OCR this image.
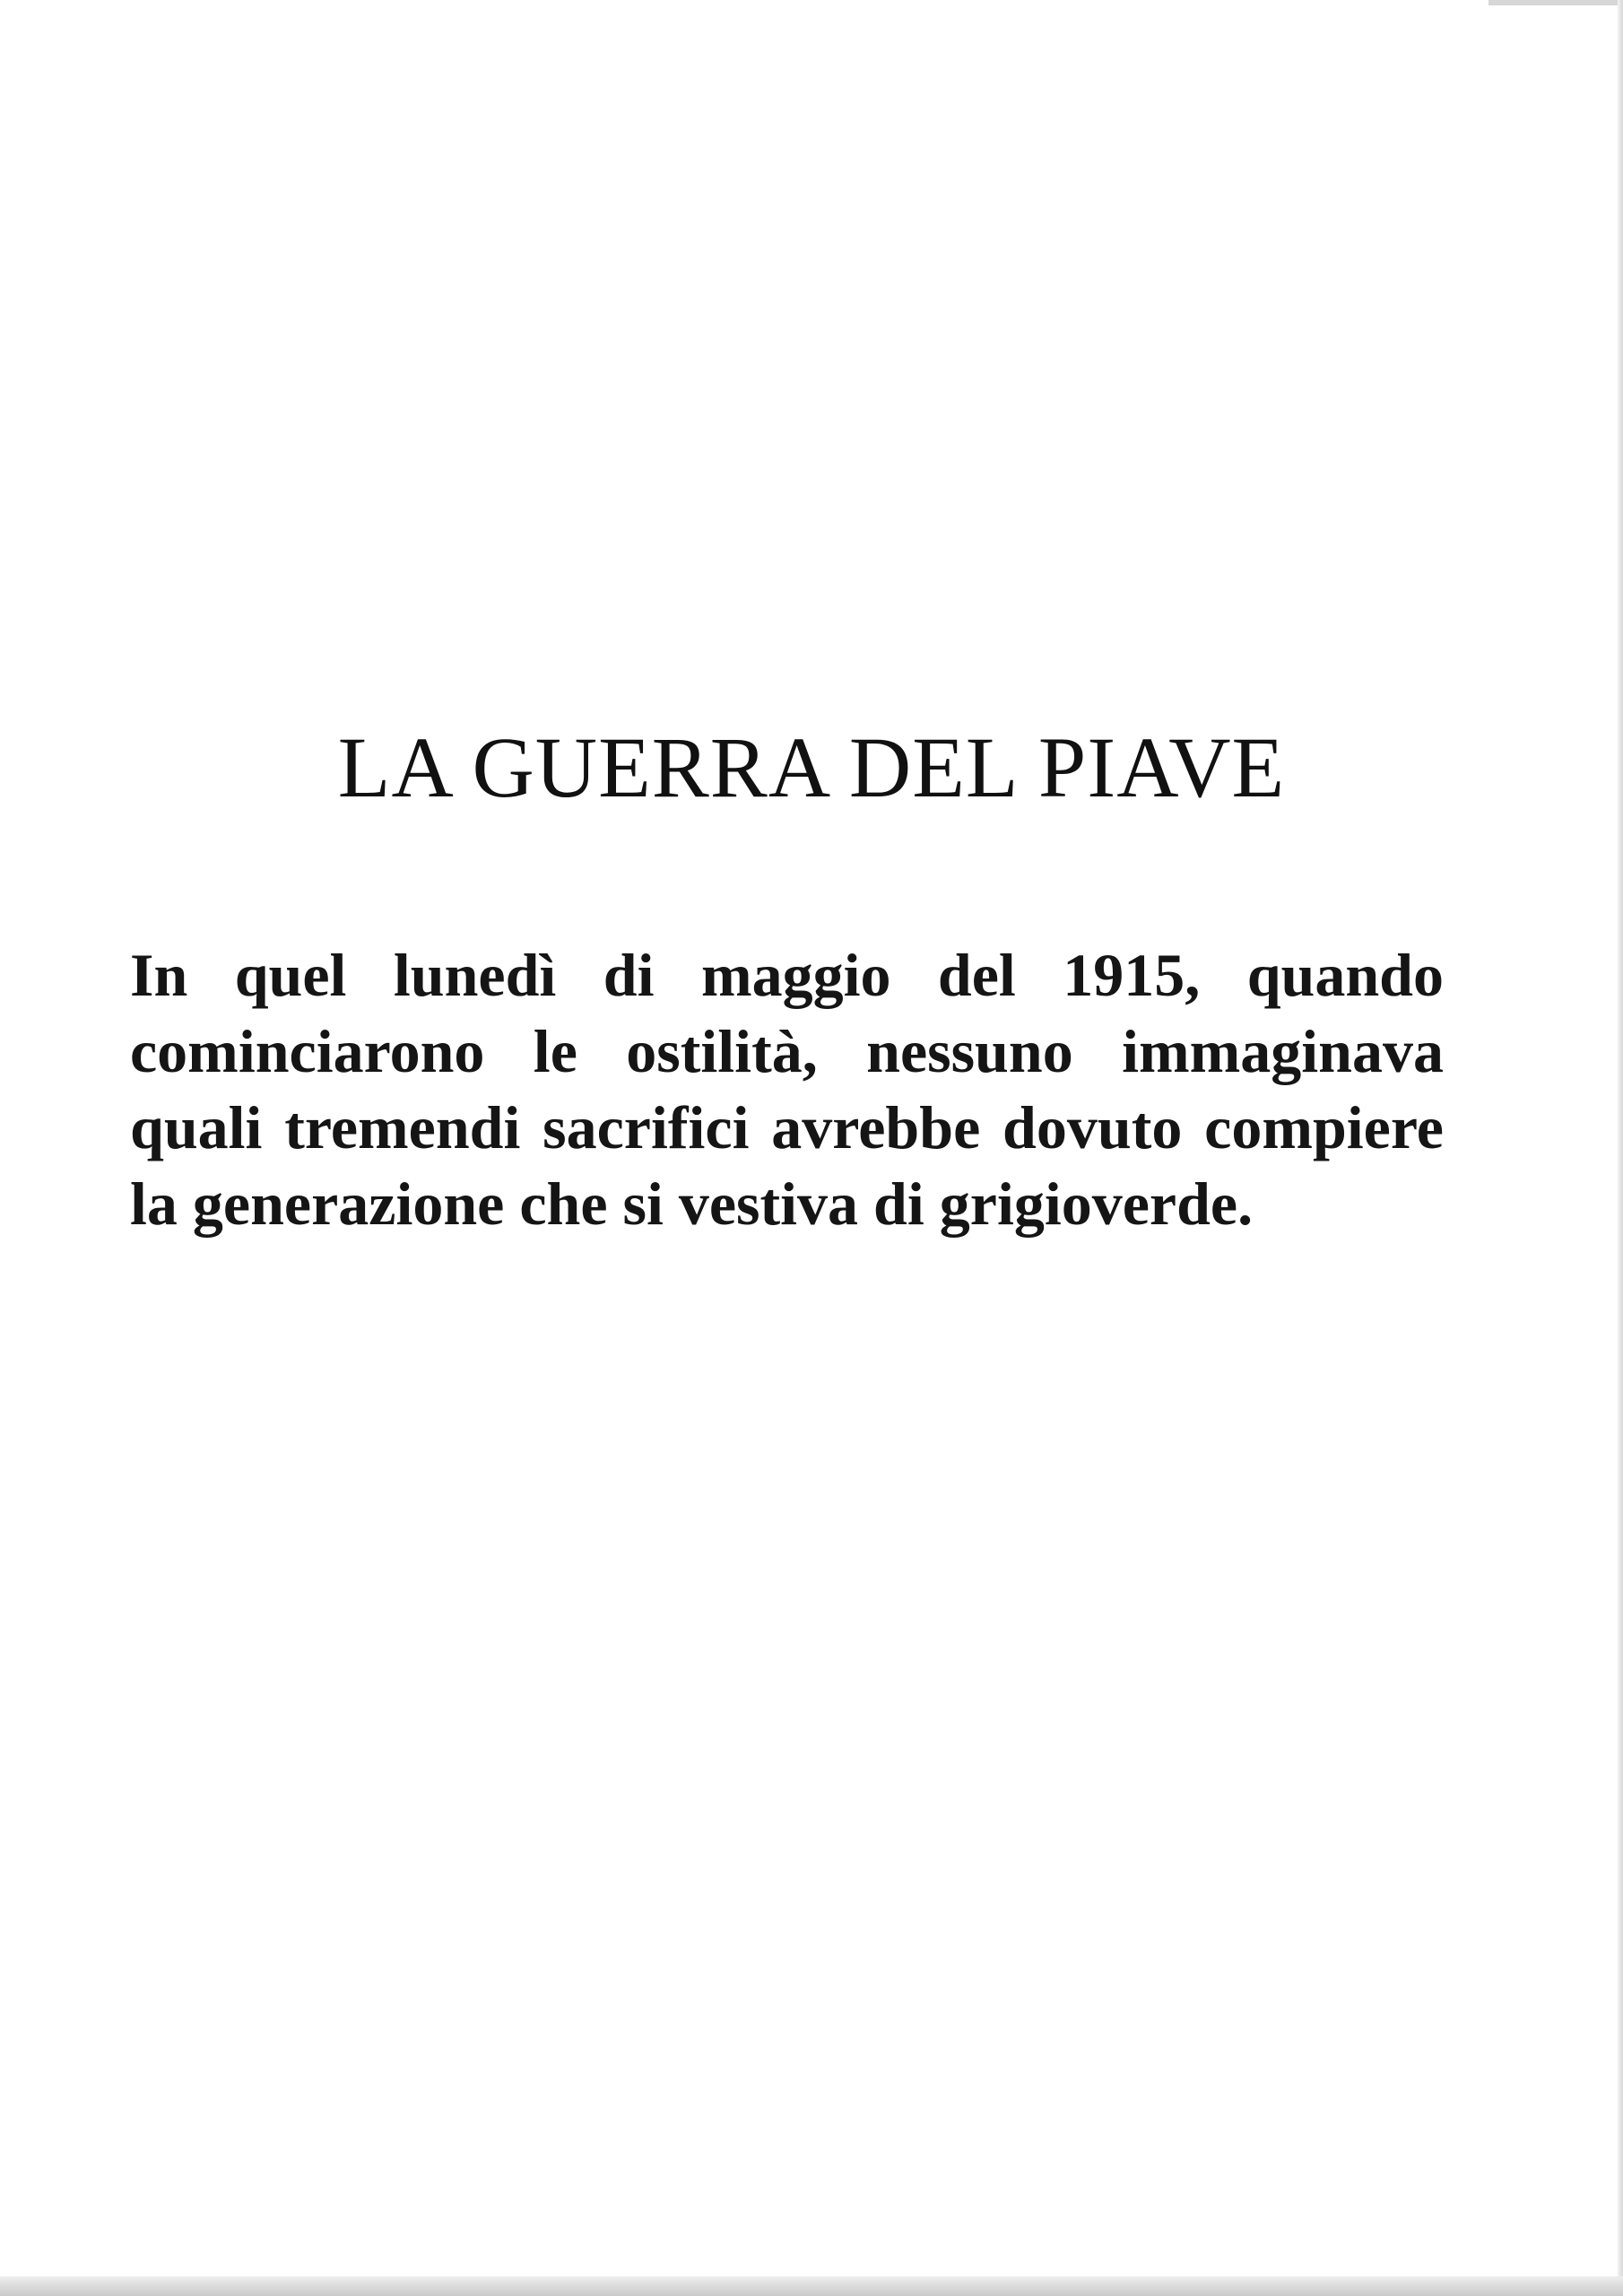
LA GUERRA DEL PIAVE

In quel lunedì di maggio del 1915, quando cominciarono le ostilità, nessuno immaginava quali tremendi sacrifici avrebbe dovuto compiere la generazione che si vestiva di grigioverde.
